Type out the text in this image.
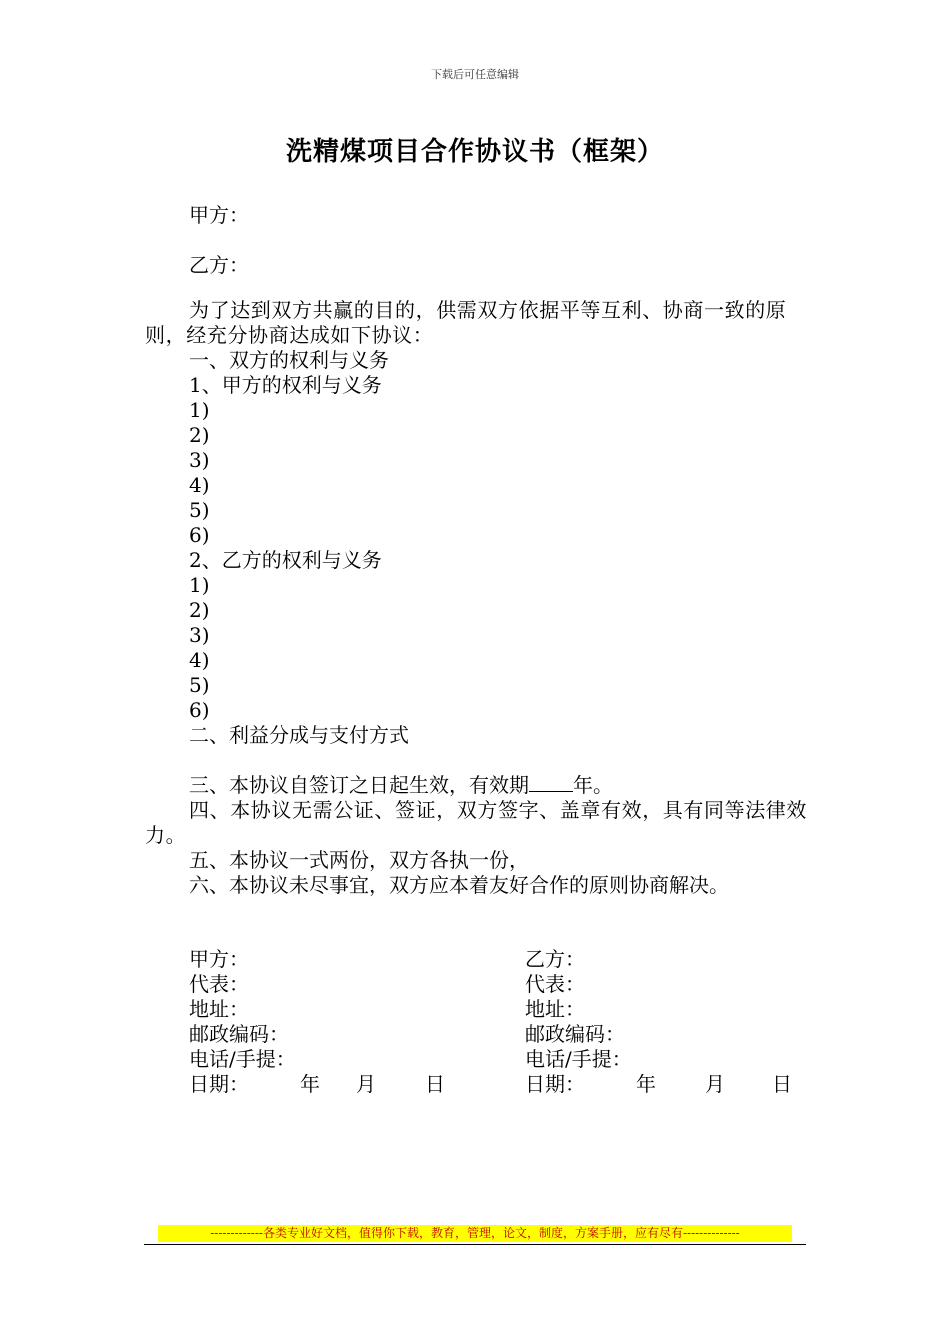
下载后可任意编辑
洗精煤项目合作协议书（框架）
甲方：
乙方：
为了达到双方共赢的目的，供需双方依据平等互利、协商一致的原则，经充分协商达成如下协议：
一、双方的权利与义务
1、甲方的权利与义务
1)
2)
3)
4)
5)
6)
2、乙方的权利与义务
1)
2)
3)
4)
5)
6)
二、利益分成与支付方式
三、本协议自签订之日起生效，有效期 年。
四、本协议无需公证、签证，双方签字、盖章有效，具有同等法律效力。
五、本协议一式两份，双方各执一份，
六、本协议未尽事宜，双方应本着友好合作的原则协商解决。
甲方：
代表：
地址：
邮政编码：
电话/手提：
日期：	年 月 日
乙方：
代表：
地址：
邮政编码：
电话/手提：
日期：	年 月 日
-------------各类专业好文档，值得你下载，教育，管理，论文，制度，方案手册，应有尽有--------------
